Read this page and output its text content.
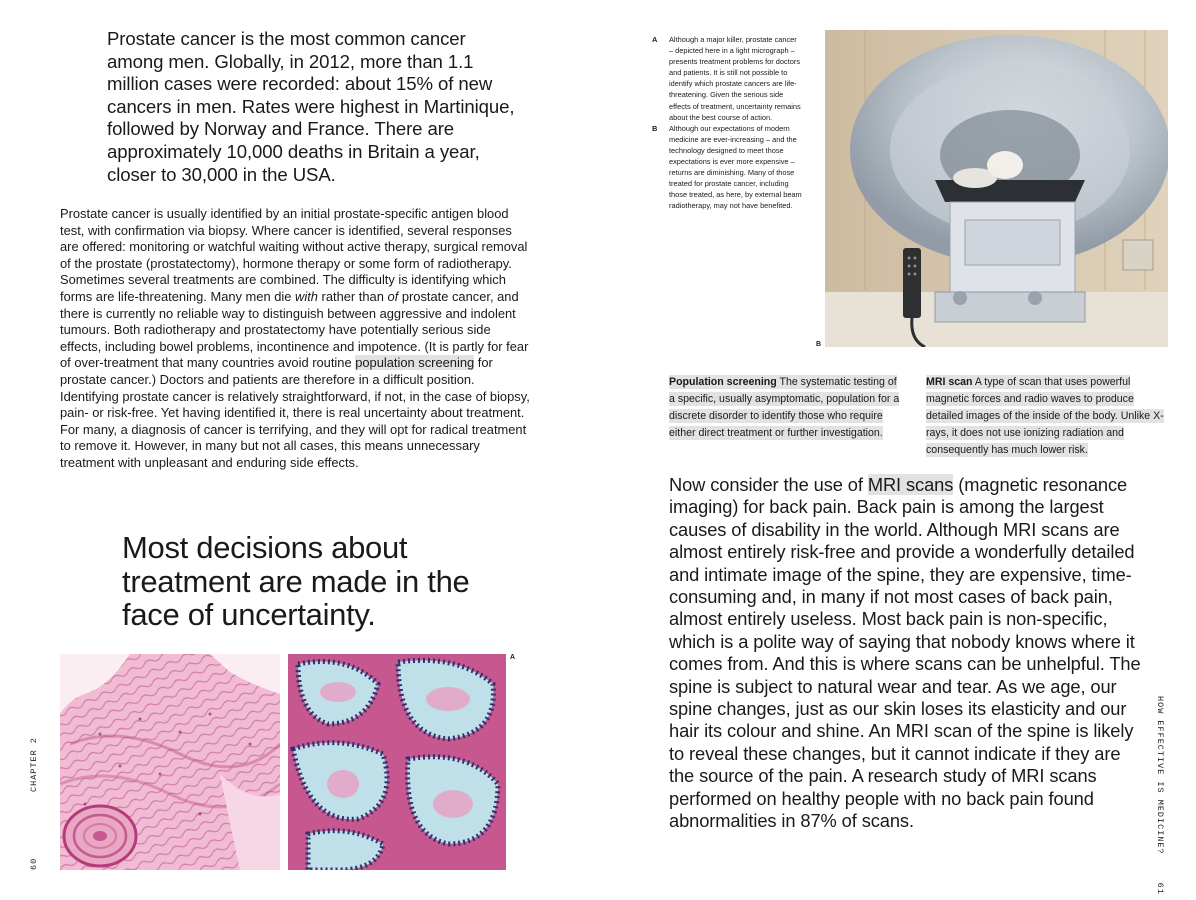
Prostate cancer is the most common cancer among men. Globally, in 2012, more than 1.1 million cases were recorded: about 15% of new cancers in men. Rates were highest in Martinique, followed by Norway and France. There are approximately 10,000 deaths in Britain a year, closer to 30,000 in the USA.

Prostate cancer is usually identified by an initial prostate-specific antigen blood test, with confirmation via biopsy. Where cancer is identified, several responses are offered: monitoring or watchful waiting without active therapy, surgical removal of the prostate (prostatectomy), hormone therapy or some form of radiotherapy. Sometimes several treatments are combined. The difficulty is identifying which forms are life-threatening. Many men die with rather than of prostate cancer, and there is currently no reliable way to distinguish between aggressive and indolent tumours. Both radiotherapy and prostatectomy have potentially serious side effects, including bowel problems, incontinence and impotence. (It is partly for fear of over-treatment that many countries avoid routine population screening for prostate cancer.) Doctors and patients are therefore in a difficult position. Identifying prostate cancer is relatively straightforward, if not, in the case of biopsy, pain- or risk-free. Yet having identified it, there is real uncertainty about treatment. For many, a diagnosis of cancer is terrifying, and they will opt for radical treatment to remove it. However, in many but not all cases, this means unnecessary treatment with unpleasant and enduring side effects.

Most decisions about treatment are made in the face of uncertainty.

A
60
CHAPTER 2
A Although a major killer, prostate cancer – depicted here in a light micrograph – presents treatment problems for doctors and patients. It is still not possible to identify which prostate cancers are life-threatening. Given the serious side effects of treatment, uncertainty remains about the best course of action.
B Although our expectations of modern medicine are ever-increasing – and the technology designed to meet those expectations is ever more expensive – returns are diminishing. Many of those treated for prostate cancer, including those treated, as here, by external beam radiotherapy, may not have benefited.
B

Population screening The systematic testing of a specific, usually asymptomatic, population for a discrete disorder to identify those who require either direct treatment or further investigation.

MRI scan A type of scan that uses powerful magnetic forces and radio waves to produce detailed images of the inside of the body. Unlike X-rays, it does not use ionizing radiation and consequently has much lower risk.

Now consider the use of MRI scans (magnetic resonance imaging) for back pain. Back pain is among the largest causes of disability in the world. Although MRI scans are almost entirely risk-free and provide a wonderfully detailed and intimate image of the spine, they are expensive, time-consuming and, in many if not most cases of back pain, almost entirely useless. Most back pain is non-specific, which is a polite way of saying that nobody knows where it comes from. And this is where scans can be unhelpful. The spine is subject to natural wear and tear. As we age, our spine changes, just as our skin loses its elasticity and our hair its colour and shine. An MRI scan of the spine is likely to reveal these changes, but it cannot indicate if they are the source of the pain. A research study of MRI scans performed on healthy people with no back pain found abnormalities in 87% of scans.	HOW EFFECTIVE IS MEDICINE?61
